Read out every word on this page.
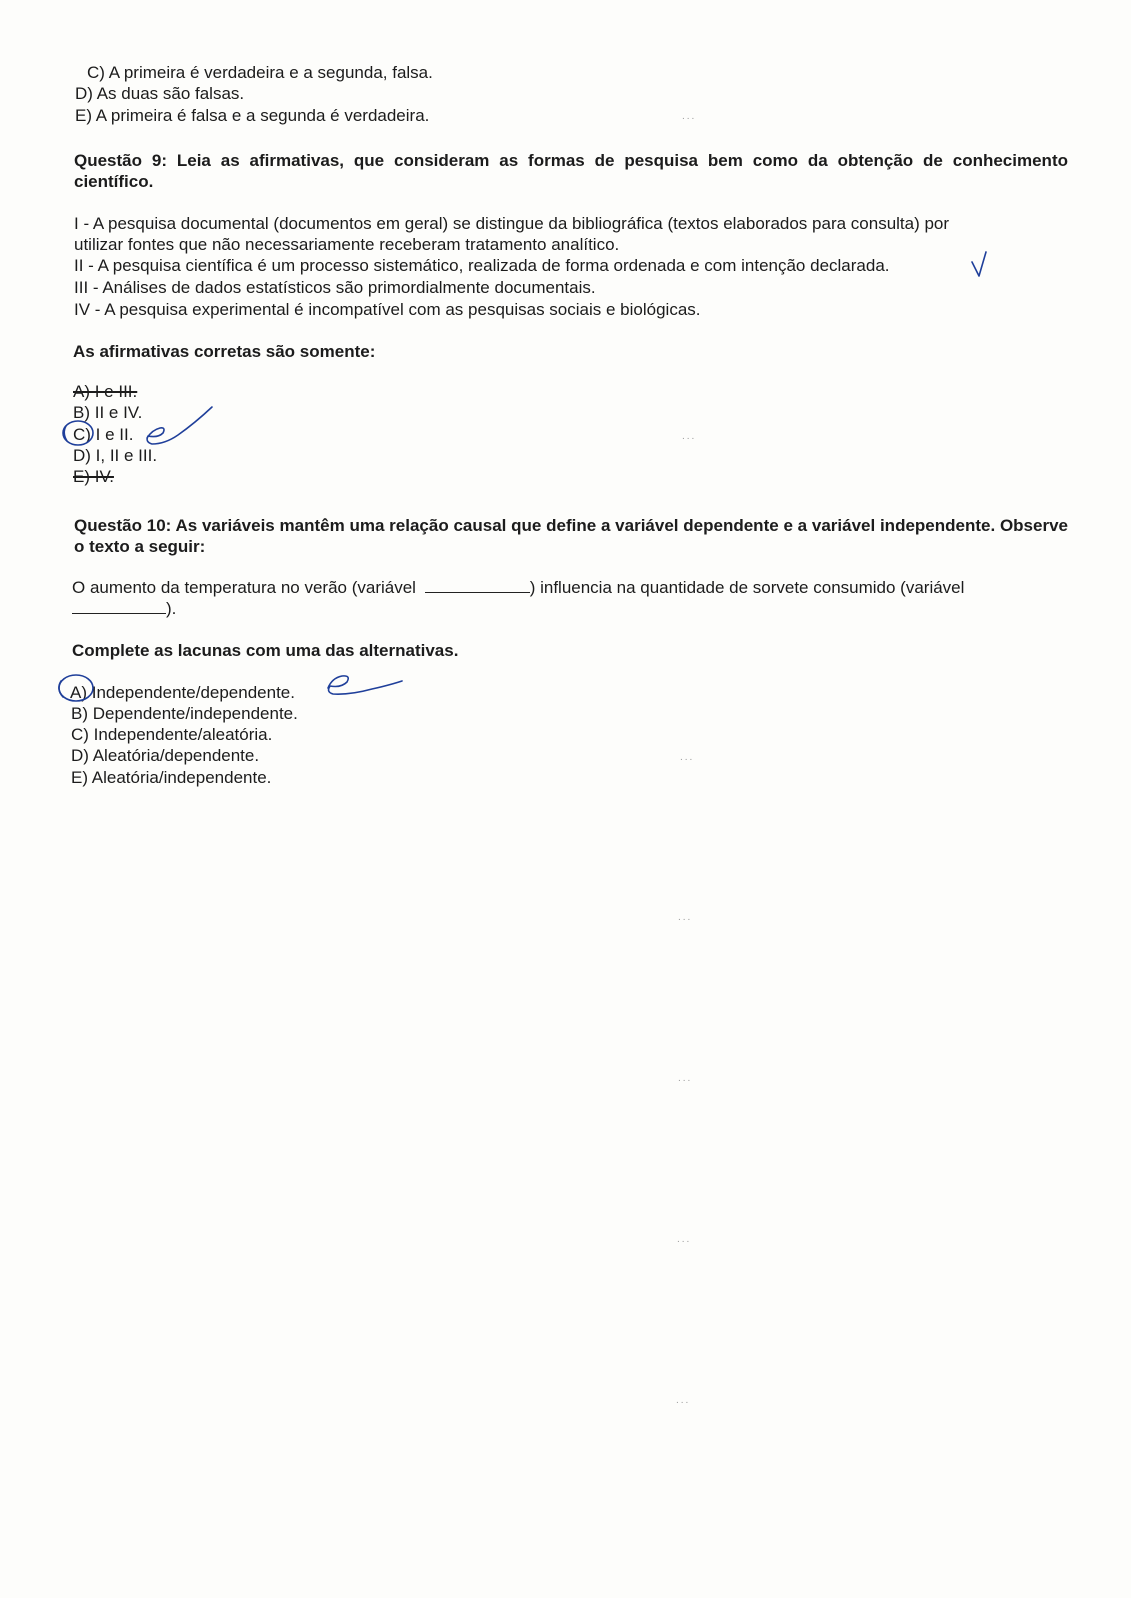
C) A primeira é verdadeira e a segunda, falsa.
D) As duas são falsas.
E) A primeira é falsa e a segunda é verdadeira.
Questão 9: Leia as afirmativas, que consideram as formas de pesquisa bem como da obtenção de conhecimento científico.
I - A pesquisa documental (documentos em geral) se distingue da bibliográfica (textos elaborados para consulta) por
utilizar fontes que não necessariamente receberam tratamento analítico.
II - A pesquisa científica é um processo sistemático, realizada de forma ordenada e com intenção declarada.
III - Análises de dados estatísticos são primordialmente documentais.
IV - A pesquisa experimental é incompatível com as pesquisas sociais e biológicas.
As afirmativas corretas são somente:
A) I e III.
B) II e IV.
C) I e II.
D) I, II e III.
E) IV.
Questão 10: As variáveis mantêm uma relação causal que define a variável dependente e a variável independente. Observe o texto a seguir:
O aumento da temperatura no verão (variável	) influencia na quantidade de sorvete consumido (variável
).
Complete as lacunas com uma das alternativas.
A) Independente/dependente.
B) Dependente/independente.
C) Independente/aleatória.
D) Aleatória/dependente.
E) Aleatória/independente.
...
...
...
...
...
...
...
